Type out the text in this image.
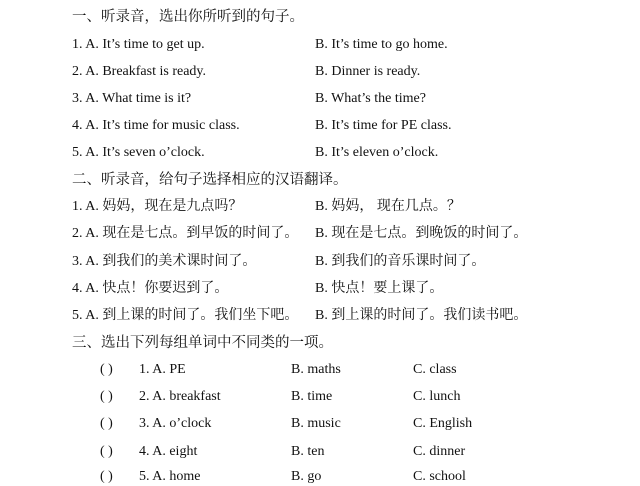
一、听录音，选出你所听到的句子。
1. A. It’s time to get up.	B. It’s time to go home.
2. A. Breakfast is ready.	B. Dinner is ready.
3. A. What time is it?	B. What’s the time?
4. A. It’s time for music class.	B. It’s time for PE class.
5. A. It’s seven o’clock.	B. It’s eleven o’clock.
二、听录音，给句子选择相应的汉语翻译。
1. A. 妈妈，现在是九点吗？	B. 妈妈， 现在几点。？
2. A. 现在是七点。到早饭的时间了。 B. 现在是七点。到晚饭的时间了。
3. A. 到我们的美术课时间了。	B. 到我们的音乐课时间了。
4. A. 快点！你要迟到了。	B. 快点！要上课了。
5. A. 到上课的时间了。我们坐下吧。 B. 到上课的时间了。我们读书吧。
三、选出下列每组单词中不同类的一项。
( ) 1. A. PE	B. maths	C. class
( ) 2. A. breakfast	B. time	C. lunch
( ) 3. A. o’clock	B. music	C. English
( ) 4. A. eight	B. ten	C. dinner
( ) 5. A. home	B. go	C. school
